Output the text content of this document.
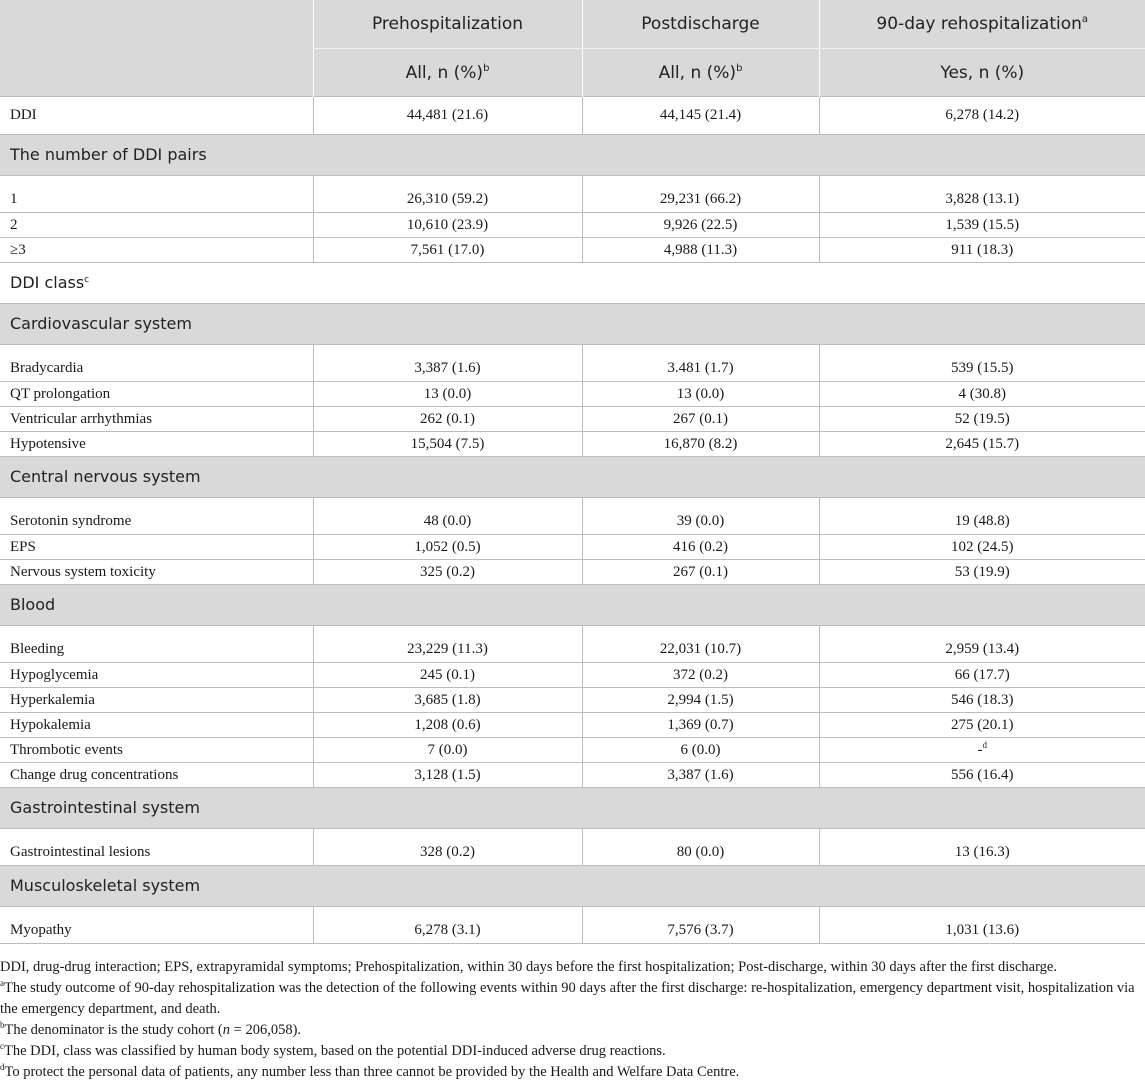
	Prehospitalization	Postdischarge	90-day rehospitalization$^a$
	All, n (%)$^b$	All, n (%)$^b$	Yes, n (%)
DDI	44,481 (21.6)	44,145 (21.4)	6,278 (14.2)
The number of DDI pairs			
1	26,310 (59.2)	29,231 (66.2)	3,828 (13.1)
2	10,610 (23.9)	9,926 (22.5)	1,539 (15.5)
≥3	7,561 (17.0)	4,988 (11.3)	911 (18.3)
DDI class$^c$
Cardiovascular system			
Bradycardia	3,387 (1.6)	3.481 (1.7)	539 (15.5)
QT prolongation	13 (0.0)	13 (0.0)	4 (30.8)
Ventricular arrhythmias	262 (0.1)	267 (0.1)	52 (19.5)
Hypotensive	15,504 (7.5)	16,870 (8.2)	2,645 (15.7)
Central nervous system			
Serotonin syndrome	48 (0.0)	39 (0.0)	19 (48.8)
EPS	1,052 (0.5)	416 (0.2)	102 (24.5)
Nervous system toxicity	325 (0.2)	267 (0.1)	53 (19.9)
Blood			
Bleeding	23,229 (11.3)	22,031 (10.7)	2,959 (13.4)
Hypoglycemia	245 (0.1)	372 (0.2)	66 (17.7)
Hyperkalemia	3,685 (1.8)	2,994 (1.5)	546 (18.3)
Hypokalemia	1,208 (0.6)	1,369 (0.7)	275 (20.1)
Thrombotic events	7 (0.0)	6 (0.0)	-$^d$
Change drug concentrations	3,128 (1.5)	3,387 (1.6)	556 (16.4)
Gastrointestinal system			
Gastrointestinal lesions	328 (0.2)	80 (0.0)	13 (16.3)
Musculoskeletal system			
Myopathy	6,278 (3.1)	7,576 (3.7)	1,031 (13.6)

DDI, drug-drug interaction; EPS, extrapyramidal symptoms; Prehospitalization, within 30 days before the first hospitalization; Post-discharge, within 30 days after the first discharge.

$^a$The study outcome of 90-day rehospitalization was the detection of the following events within 90 days after the first discharge: re-hospitalization, emergency department visit, hospitalization via the emergency department, and death.

$^b$The denominator is the study cohort (n = 206,058).

$^c$The DDI, class was classified by human body system, based on the potential DDI-induced adverse drug reactions.

$^d$To protect the personal data of patients, any number less than three cannot be provided by the Health and Welfare Data Centre.
